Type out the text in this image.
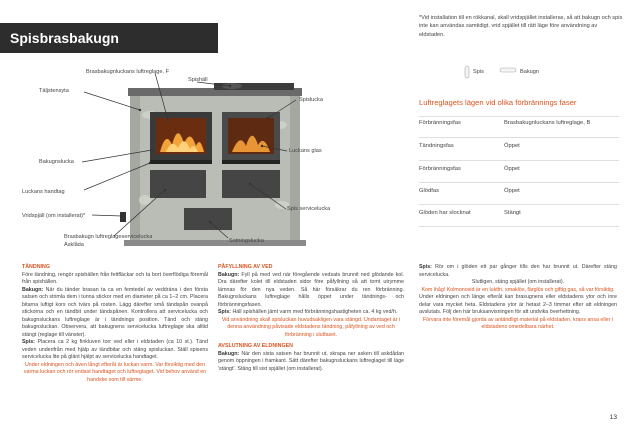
Spisbrasbakugn
*Vid installation till en rökkanal, skall vridspjället installeras, så att bakugn och spis inte kan användas samtidigt. vrid spjället till rätt läge före användning av eldstaden.
Brasbakugnluckans luftreglage, F
Spishäll
Täljstensyta
Spislucka
Luckans glas
Bakugnslucka
Luckans handtag
Spis servicelucka
Vridspjäll (om installerat)*
Brasbakugn luftreglageservicelucka
Asklåda
Sotningslucka
Spis	Bakugn
Luftreglagets lägen vid olika förbrännings faser
Förbränningsfas	Brasbakugnluckans luftreglage, B
Tändningsfas	Öppet
Förbränningsfas	Öppet
Glödfas	Öppet
Glöden har slocknat	Stängt
TÄNDNING
Före tändning, rengör spishällen från fettfläckar och ta bort överflödiga föremål från spishällen.
Bakugn: När du tänder brasan ta ca en femtedel av veddräna i den första satsen och strimla dem i tunna stickor med en diameter på ca 1–2 cm. Placera bitarna luftigt kors och tvärs på rosten. Lägg därefter små tändspån ovanpå stickorna och en tändbit under tändspånen. Kontrollera att servicelucka och bakugnsluckans luftreglage är i tändnings position. Tänd och stäng bakugnsluckan. Observera, att bakugnens servicelucka luftreglage ska alltid stängt (reglage till vänster).
Spis: Placera ca 2 kg finkluven torr ved eller i eldstaden (ca 10 st.). Tänd veden underifrån med hjälp av tändbitar och stäng spisluckan. Ställ spisens servicelucka lite på glänt hjälpt av servicelucka handtaget.
Under eldningen och även långt efteråt är luckan varm. Var försiktig med den varma luckan och rör endast handtaget och luftreglaget. Vid behov använd en handske som till värme.
PÅFYLLNING AV VED
Bakugn: Fyll på med ved när föregående vedsats brunnit ned glödande kol. Dra därefter kolet till eldstaden sidor före påfyllning så att tomt utrymme lämnas för den nya veden. Så här försäkrar du ren förbränning. Bakugnsluckans luftreglage hålls öppet under tändnings- och förbränningsfasen.
Spis: Häll spishällen jämt varm med förbränningshastigheten ca. 4 kg ved/h.
Vid användning skall spisluckan huvudsakligen vara stängd. Undantaget är i denna användning påvisade eldstadens tändning, påfyllning av ved och förbränning i slutfaset.
AVSLUTNING AV ELDNINGEN
Bakugn: När den sista satsen har brunnit ut, skrapa ner asken till askdådan genom öppningen i framkant. Sätt därefter bakugnsluckans luftreglaget till läge 'stängt'. Stäng till sist spjället (om installerat).
Spis: Rör om i glöden ett par gånger tills den har brunnit ut. Därefter stäng servicelucka.
Slutligen, stäng spjället (om installerat).
Kom ihåg! Kolmonoxid är en luktfri, smaklös, färglös och giftig gas, så var försiktig.
Under eldningen och länge efteråt kan brasugnens eller eldstadens ytor och inre delar vara mycket heta. Eldstadens ytor är hetast 2–3 timmar efter att eldningen avslutats. Följ den här bruksanvisningen för att undvika överhettning.
Förvara inte föremål gjorda av antändligt material på eldstaden, krans ansa eller i eldstadens omedelbara närhet.
13
